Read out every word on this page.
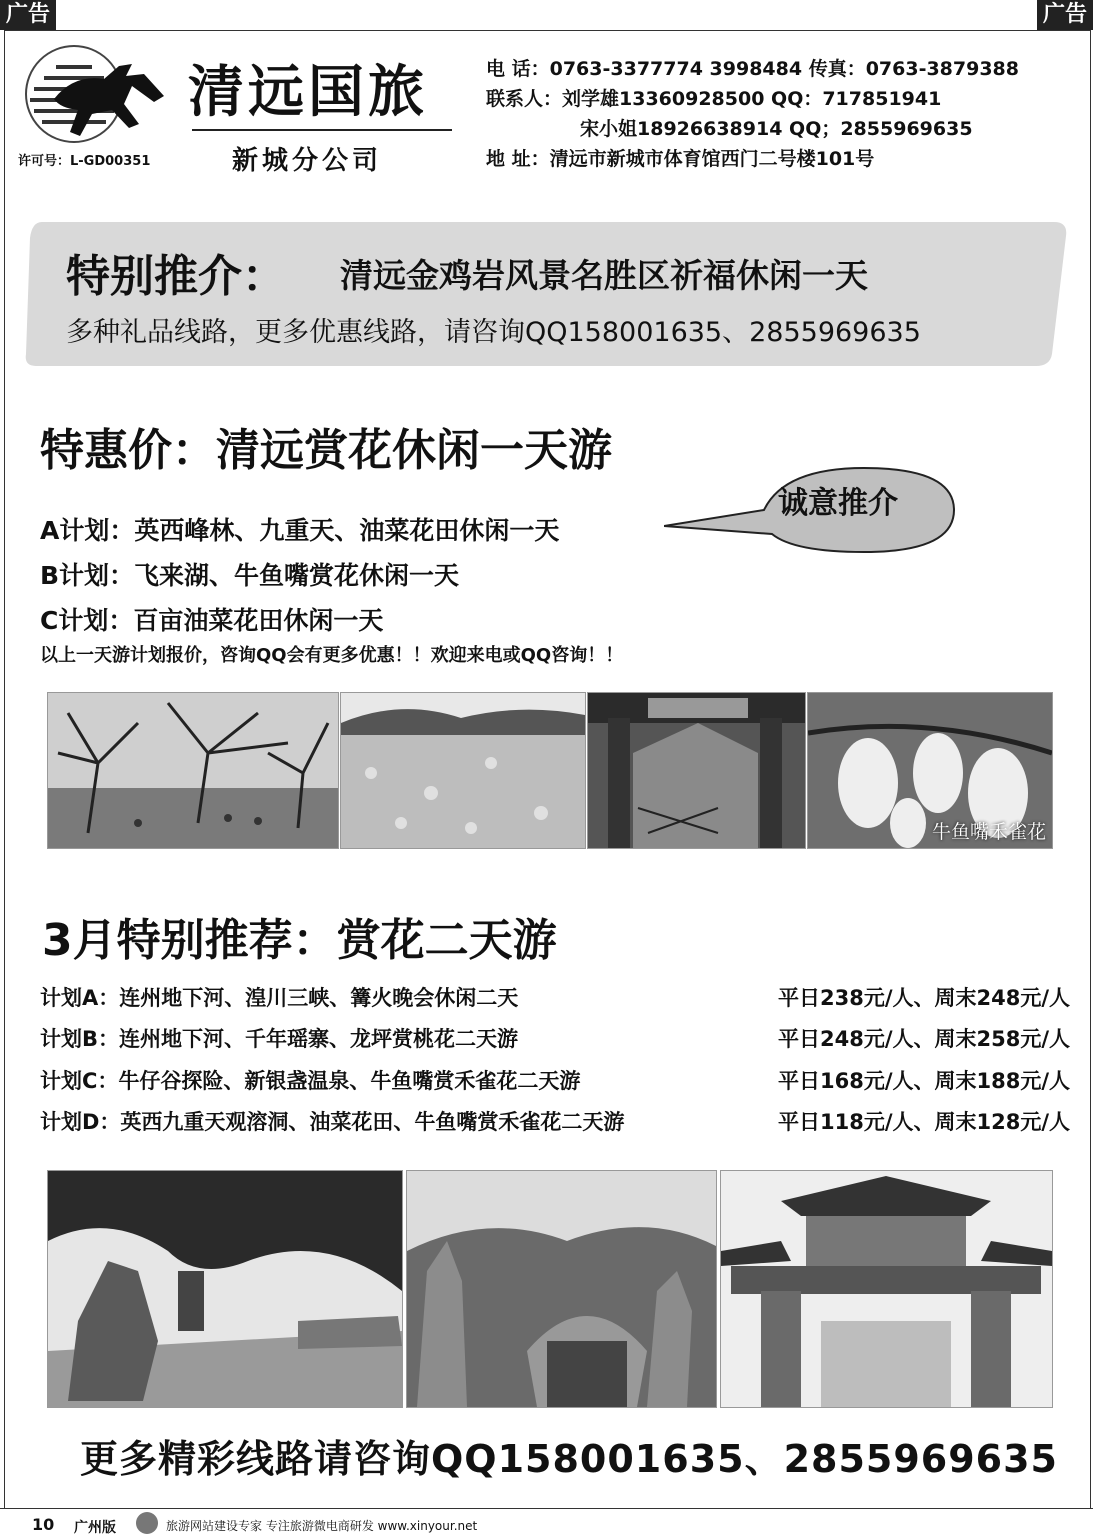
广告	广告
许可号：L-GD00351
清远国旅
新城分公司
电 话：0763-3377774 3998484 传真：0763-3879388
联系人：刘学雄13360928500 QQ：717851941
宋小姐18926638914 QQ；2855969635
地 址：清远市新城市体育馆西门二号楼101号
特别推介： 清远金鸡岩风景名胜区祈福休闲一天
多种礼品线路，更多优惠线路，请咨询QQ158001635、2855969635
特惠价：清远赏花休闲一天游
诚意推介
A计划：英西峰林、九重天、油菜花田休闲一天
B计划：飞来湖、牛鱼嘴赏花休闲一天
C计划：百亩油菜花田休闲一天
以上一天游计划报价，咨询QQ会有更多优惠！！欢迎来电或QQ咨询！！
牛鱼嘴禾雀花
3月特别推荐：赏花二天游
计划A：连州地下河、湟川三峡、篝火晚会休闲二天	平日238元/人、周末248元/人
计划B：连州地下河、千年瑶寨、龙坪赏桃花二天游	平日248元/人、周末258元/人
计划C：牛仔谷探险、新银盏温泉、牛鱼嘴赏禾雀花二天游	平日168元/人、周末188元/人
计划D：英西九重天观溶洞、油菜花田、牛鱼嘴赏禾雀花二天游	平日118元/人、周末128元/人
更多精彩线路请咨询QQ158001635、2855969635
10 广州版	旅游网站建设专家 专注旅游微电商研发 www.xinyour.net
